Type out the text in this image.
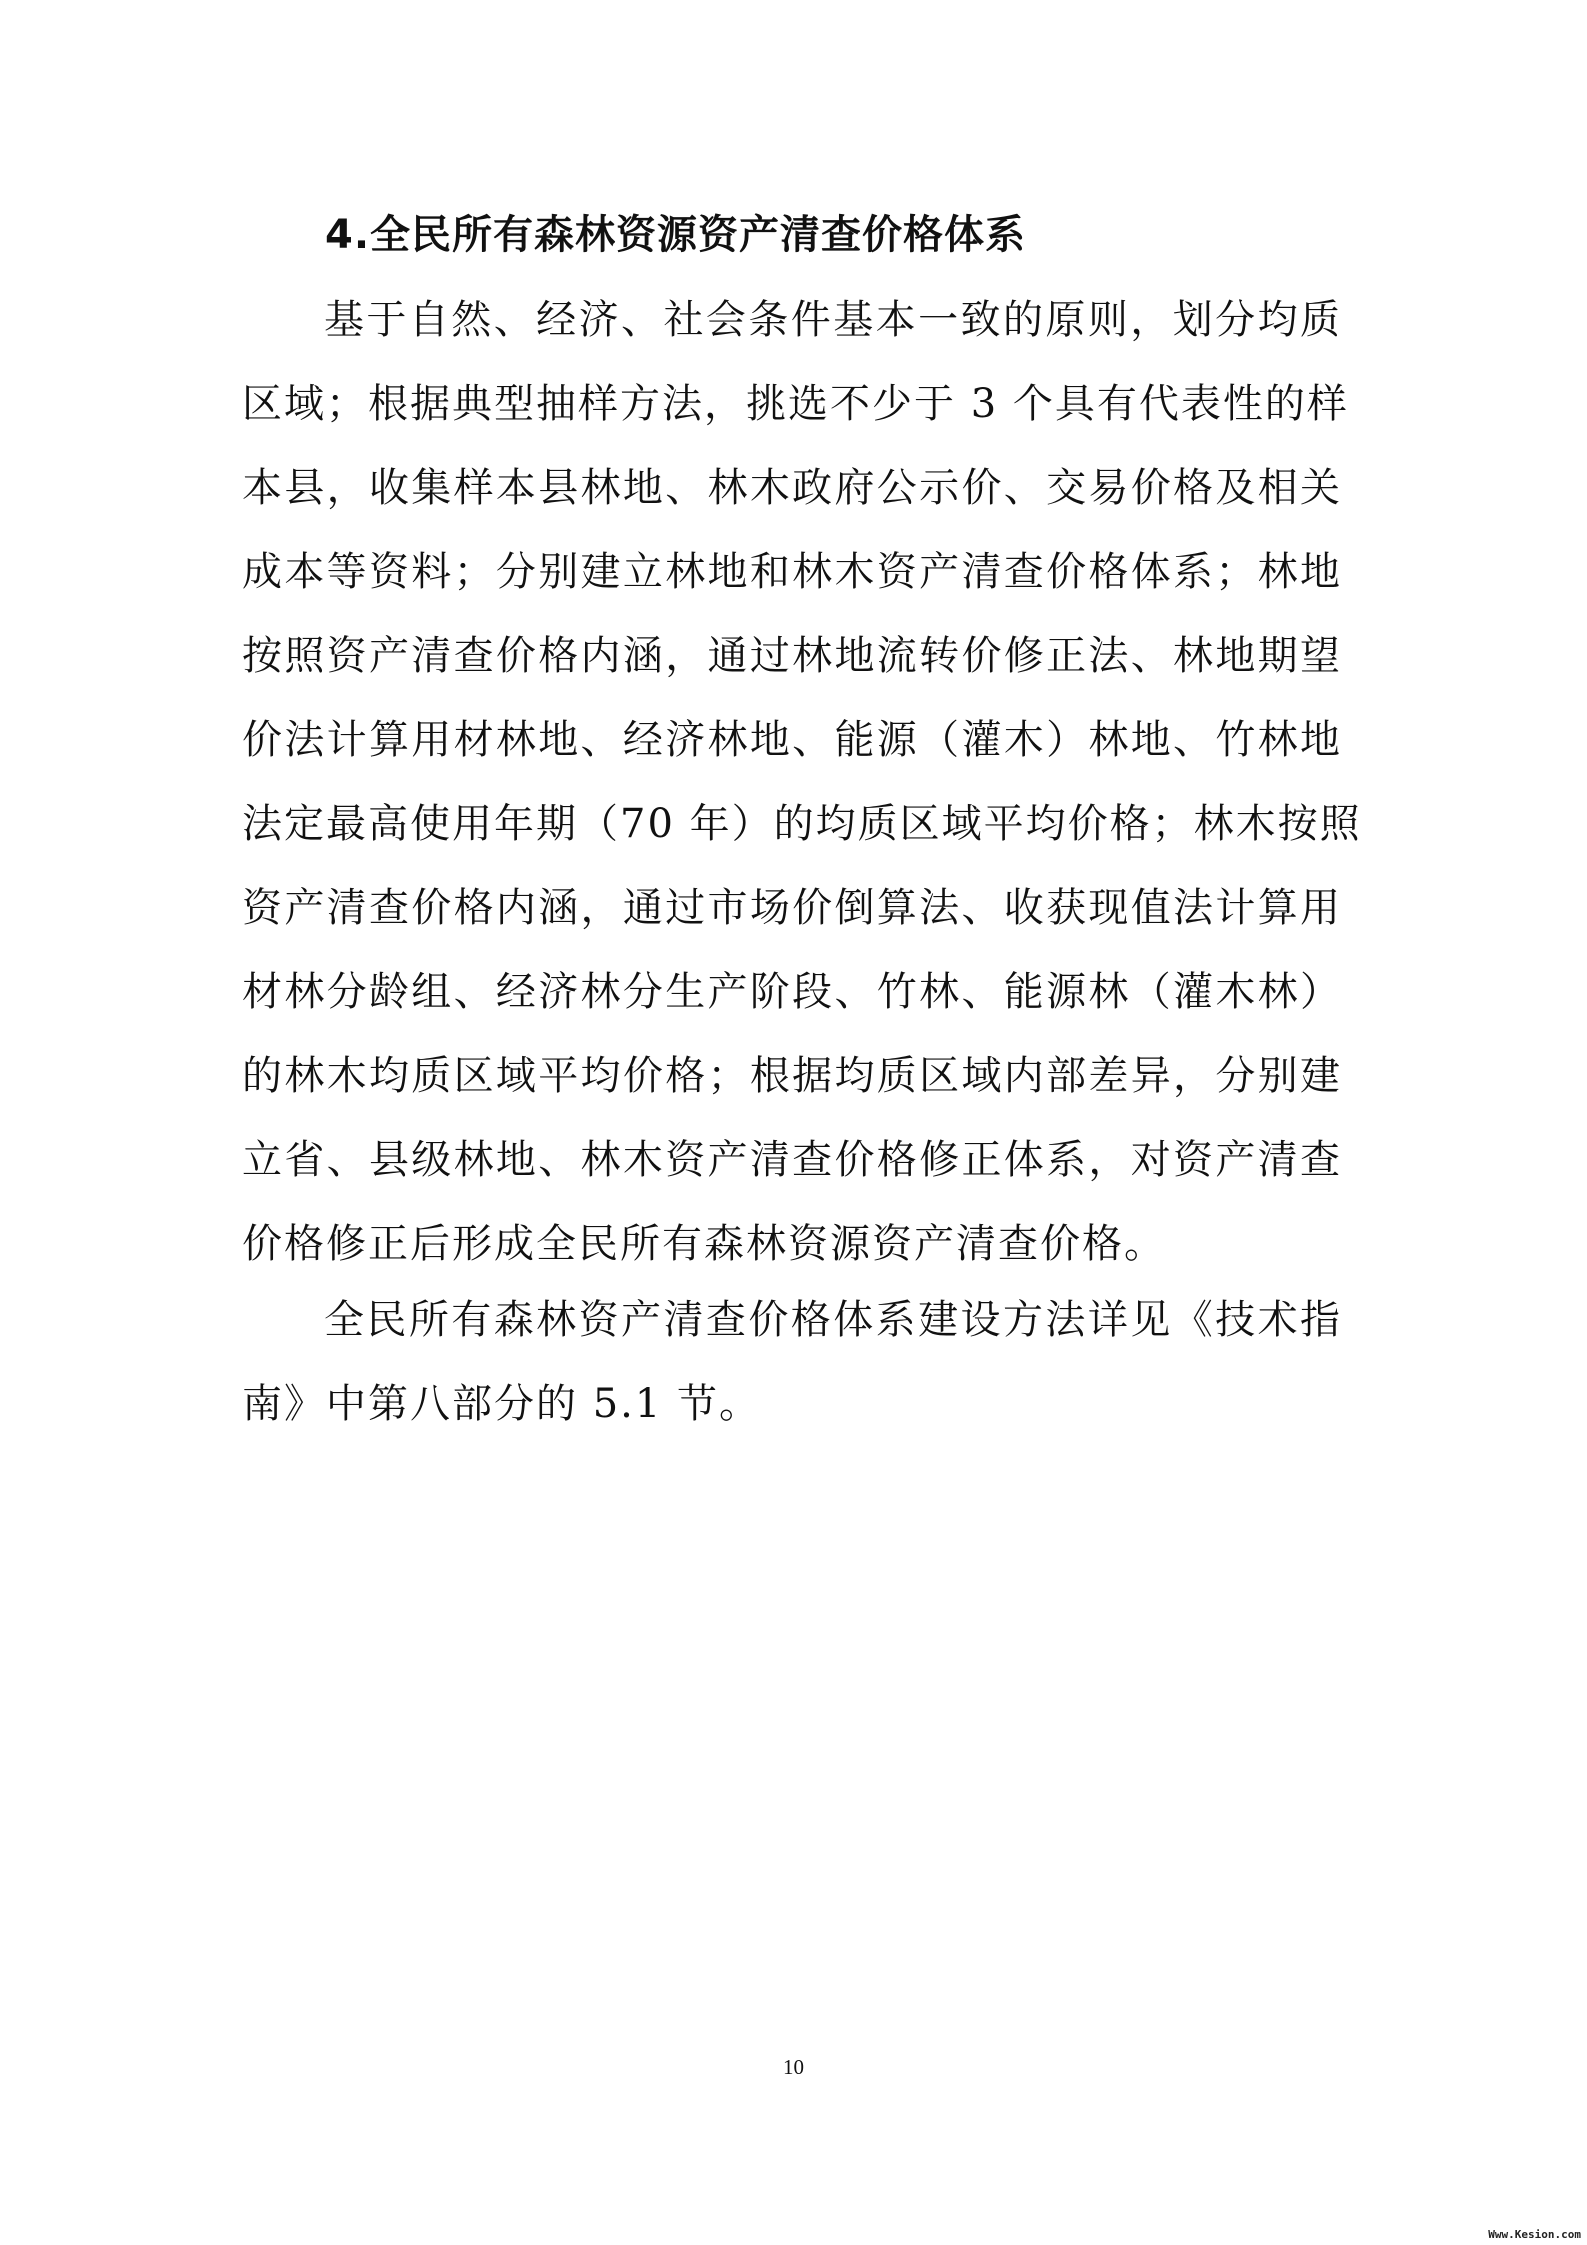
4.全民所有森林资源资产清查价格体系
基于自然、经济、社会条件基本一致的原则，划分均质
区域；根据典型抽样方法，挑选不少于 3 个具有代表性的样
本县，收集样本县林地、林木政府公示价、交易价格及相关
成本等资料；分别建立林地和林木资产清查价格体系；林地
按照资产清查价格内涵，通过林地流转价修正法、林地期望
价法计算用材林地、经济林地、能源（灌木）林地、竹林地
法定最高使用年期（70 年）的均质区域平均价格；林木按照
资产清查价格内涵，通过市场价倒算法、收获现值法计算用
材林分龄组、经济林分生产阶段、竹林、能源林（灌木林）
的林木均质区域平均价格；根据均质区域内部差异，分别建
立省、县级林地、林木资产清查价格修正体系，对资产清查
价格修正后形成全民所有森林资源资产清查价格。
全民所有森林资产清查价格体系建设方法详见《技术指
南》中第八部分的 5.1 节。
10
Www.Kesion.com
